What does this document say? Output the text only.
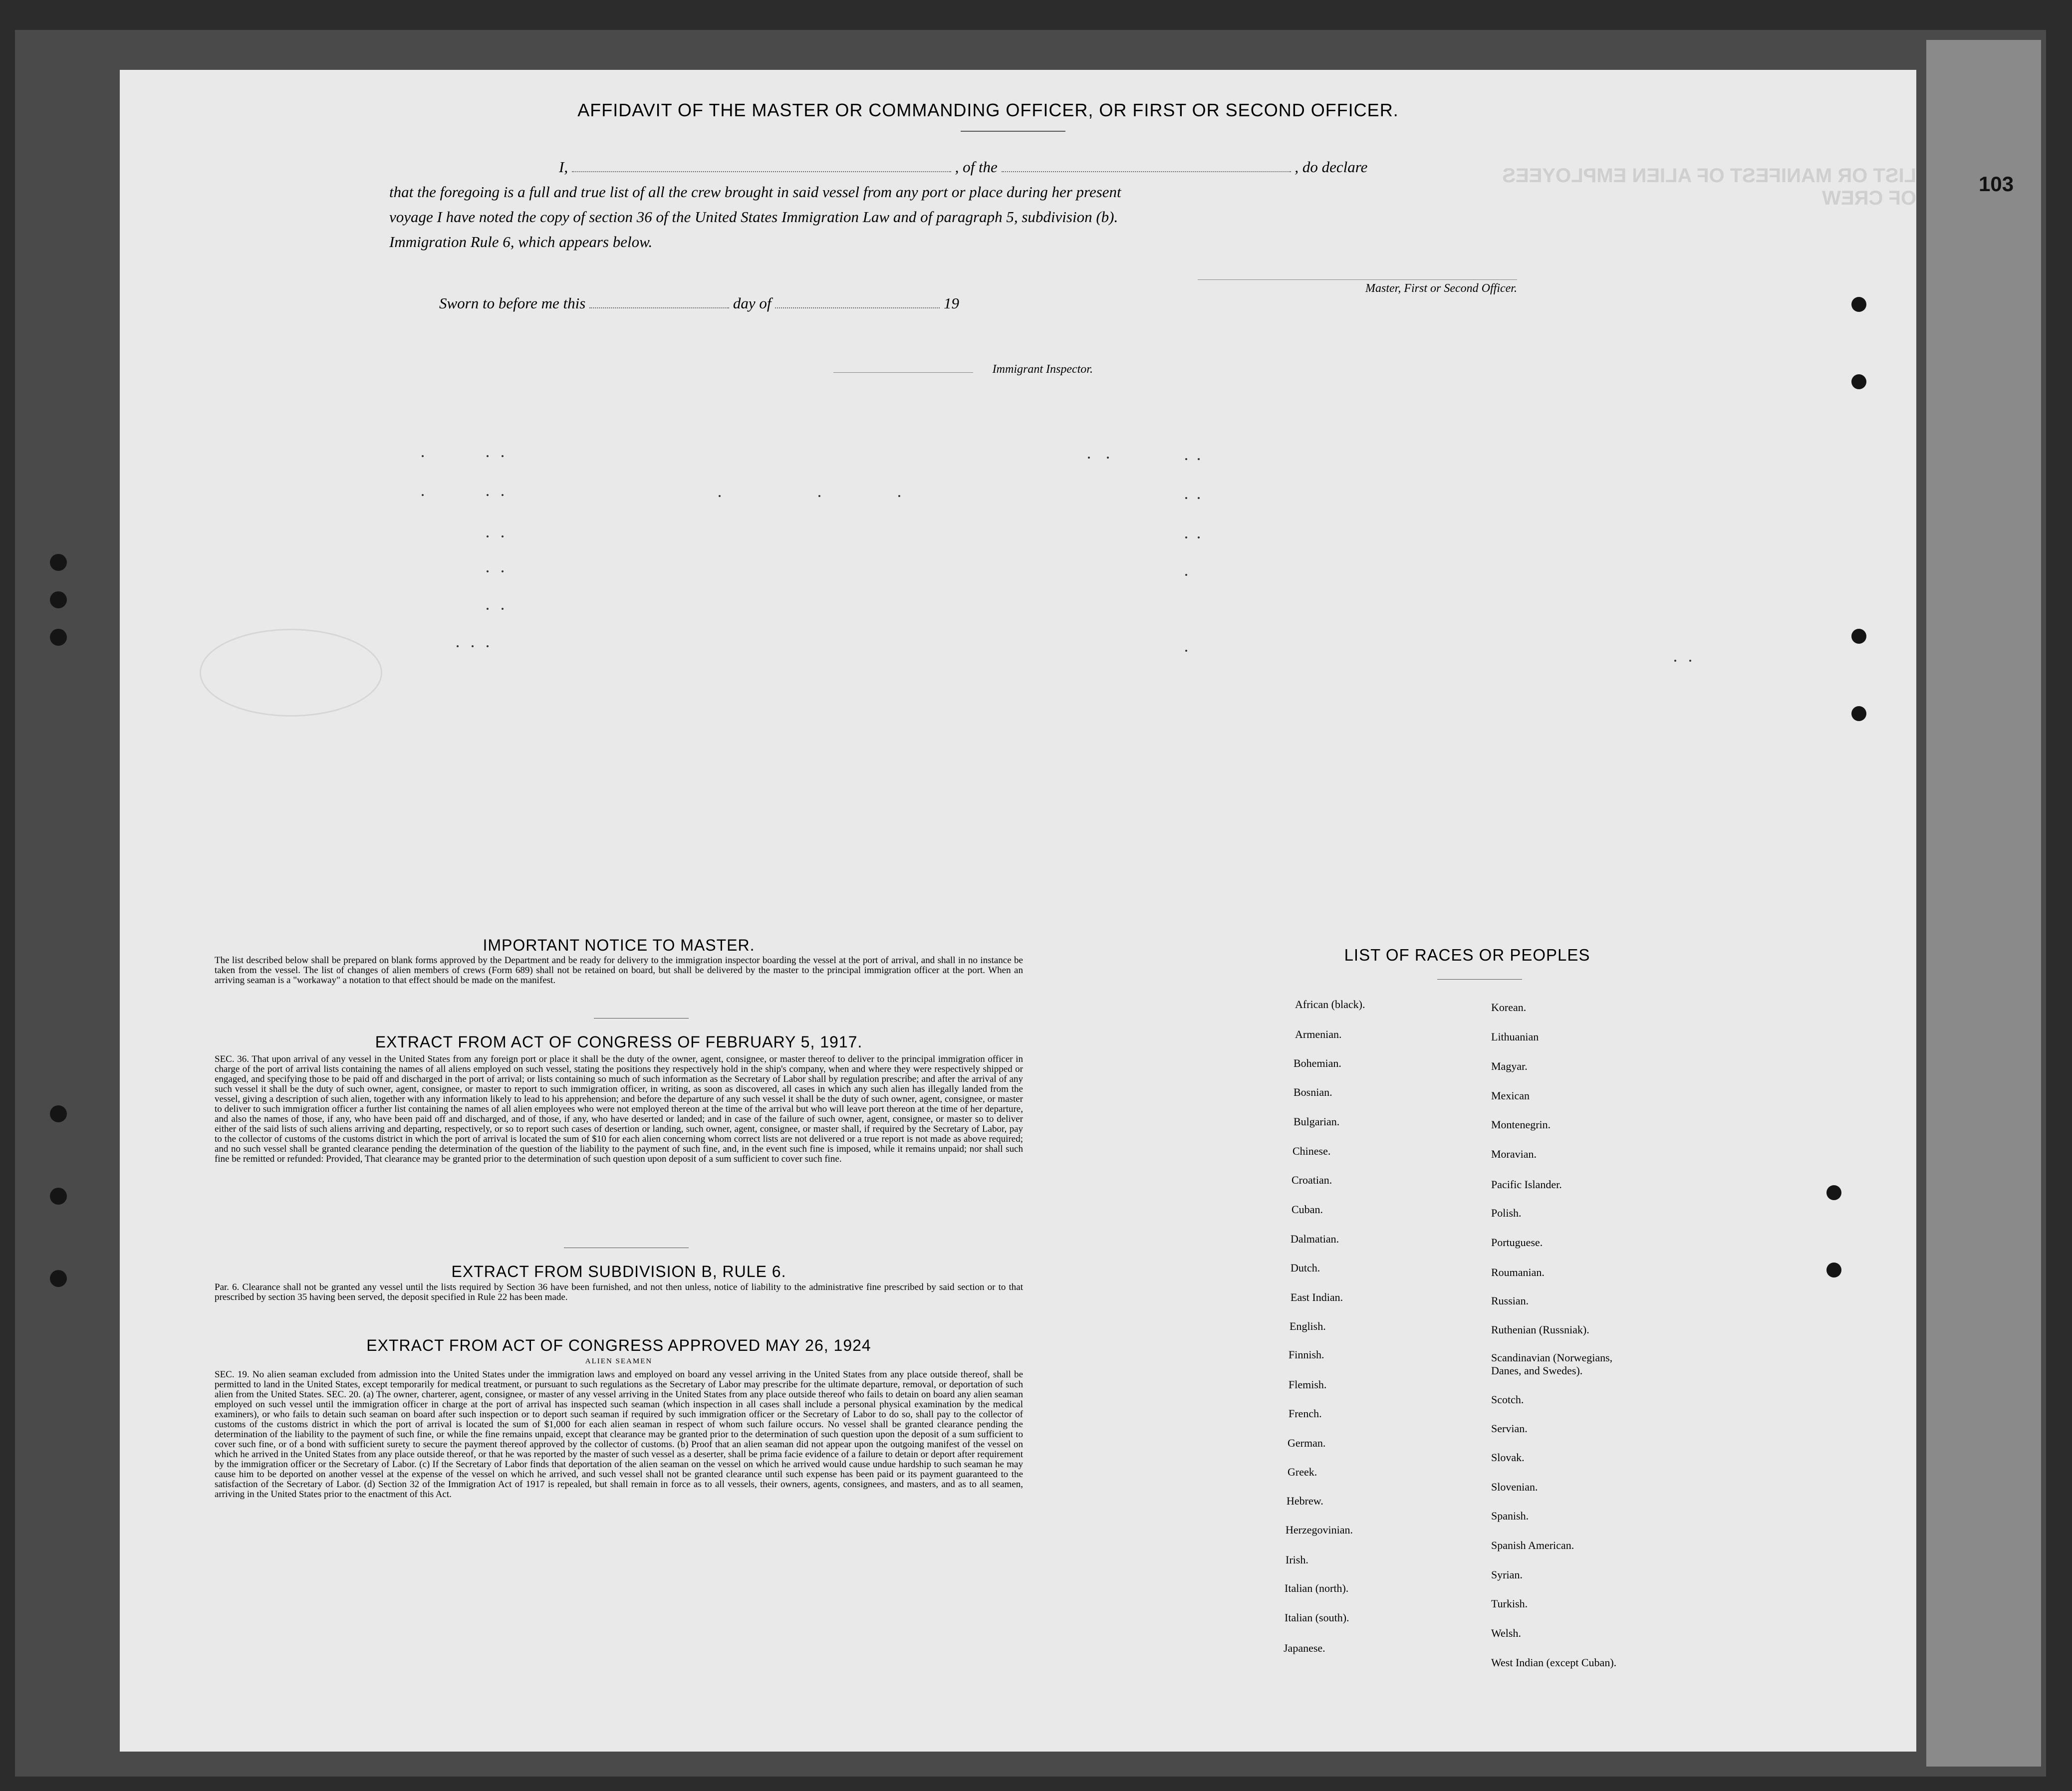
LIST OR MANIFEST OF ALIEN EMPLOYEES OF CREW
103
AFFIDAVIT OF THE MASTER OR COMMANDING OFFICER, OR FIRST OR SECOND OFFICER.
I,	, of the	, do declare
that the foregoing is a full and true list of all the crew brought in said vessel from any port or place during her present
voyage I have noted the copy of section 36 of the United States Immigration Law and of paragraph 5, subdivision (b).
Immigration Rule 6, which appears below.
Master, First or Second Officer.
Sworn to before me this	day of	19
Immigrant Inspector.
IMPORTANT NOTICE TO MASTER.
The list described below shall be prepared on blank forms approved by the Department and be ready for delivery to the immigration inspector boarding the vessel at the port of arrival, and shall in no instance be taken from the vessel. The list of changes of alien members of crews (Form 689) shall not be retained on board, but shall be delivered by the master to the principal immigration officer at the port. When an arriving seaman is a "workaway" a notation to that effect should be made on the manifest.
EXTRACT FROM ACT OF CONGRESS OF FEBRUARY 5, 1917.
SEC. 36. That upon arrival of any vessel in the United States from any foreign port or place it shall be the duty of the owner, agent, consignee, or master thereof to deliver to the principal immigration officer in charge of the port of arrival lists containing the names of all aliens employed on such vessel, stating the positions they respectively hold in the ship's company, when and where they were respectively shipped or engaged, and specifying those to be paid off and discharged in the port of arrival; or lists containing so much of such information as the Secretary of Labor shall by regulation prescribe; and after the arrival of any such vessel it shall be the duty of such owner, agent, consignee, or master to report to such immigration officer, in writing, as soon as discovered, all cases in which any such alien has illegally landed from the vessel, giving a description of such alien, together with any information likely to lead to his apprehension; and before the departure of any such vessel it shall be the duty of such owner, agent, consignee, or master to deliver to such immigration officer a further list containing the names of all alien employees who were not employed thereon at the time of the arrival but who will leave port thereon at the time of her departure, and also the names of those, if any, who have been paid off and discharged, and of those, if any, who have deserted or landed; and in case of the failure of such owner, agent, consignee, or master so to deliver either of the said lists of such aliens arriving and departing, respectively, or so to report such cases of desertion or landing, such owner, agent, consignee, or master shall, if required by the Secretary of Labor, pay to the collector of customs of the customs district in which the port of arrival is located the sum of $10 for each alien concerning whom correct lists are not delivered or a true report is not made as above required; and no such vessel shall be granted clearance pending the determination of the question of the liability to the payment of such fine, and, in the event such fine is imposed, while it remains unpaid; nor shall such fine be remitted or refunded: Provided, That clearance may be granted prior to the determination of such question upon deposit of a sum sufficient to cover such fine.
EXTRACT FROM SUBDIVISION B, RULE 6.
Par. 6. Clearance shall not be granted any vessel until the lists required by Section 36 have been furnished, and not then unless, notice of liability to the administrative fine prescribed by said section or to that prescribed by section 35 having been served, the deposit specified in Rule 22 has been made.
EXTRACT FROM ACT OF CONGRESS APPROVED MAY 26, 1924
ALIEN SEAMEN
SEC. 19. No alien seaman excluded from admission into the United States under the immigration laws and employed on board any vessel arriving in the United States from any place outside thereof, shall be permitted to land in the United States, except temporarily for medical treatment, or pursuant to such regulations as the Secretary of Labor may prescribe for the ultimate departure, removal, or deportation of such alien from the United States. SEC. 20. (a) The owner, charterer, agent, consignee, or master of any vessel arriving in the United States from any place outside thereof who fails to detain on board any alien seaman employed on such vessel until the immigration officer in charge at the port of arrival has inspected such seaman (which inspection in all cases shall include a personal physical examination by the medical examiners), or who fails to detain such seaman on board after such inspection or to deport such seaman if required by such immigration officer or the Secretary of Labor to do so, shall pay to the collector of customs of the customs district in which the port of arrival is located the sum of $1,000 for each alien seaman in respect of whom such failure occurs. No vessel shall be granted clearance pending the determination of the liability to the payment of such fine, or while the fine remains unpaid, except that clearance may be granted prior to the determination of such question upon the deposit of a sum sufficient to cover such fine, or of a bond with sufficient surety to secure the payment thereof approved by the collector of customs. (b) Proof that an alien seaman did not appear upon the outgoing manifest of the vessel on which he arrived in the United States from any place outside thereof, or that he was reported by the master of such vessel as a deserter, shall be prima facie evidence of a failure to detain or deport after requirement by the immigration officer or the Secretary of Labor. (c) If the Secretary of Labor finds that deportation of the alien seaman on the vessel on which he arrived would cause undue hardship to such seaman he may cause him to be deported on another vessel at the expense of the vessel on which he arrived, and such vessel shall not be granted clearance until such expense has been paid or its payment guaranteed to the satisfaction of the Secretary of Labor. (d) Section 32 of the Immigration Act of 1917 is repealed, but shall remain in force as to all vessels, their owners, agents, consignees, and masters, and as to all seamen, arriving in the United States prior to the enactment of this Act.
LIST OF RACES OR PEOPLES
African (black).
Armenian.
Bohemian.
Bosnian.
Bulgarian.
Chinese.
Croatian.
Cuban.
Dalmatian.
Dutch.
East Indian.
English.
Finnish.
Flemish.
French.
German.
Greek.
Hebrew.
Herzegovinian.
Irish.
Italian (north).
Italian (south).
Japanese.
Korean.
Lithuanian
Magyar.
Mexican
Montenegrin.
Moravian.
Pacific Islander.
Polish.
Portuguese.
Roumanian.
Russian.
Ruthenian (Russniak).
Scandinavian (Norwegians,
Danes, and Swedes).
Scotch.
Servian.
Slovak.
Slovenian.
Spanish.
Spanish American.
Syrian.
Turkish.
Welsh.
West Indian (except Cuban).
